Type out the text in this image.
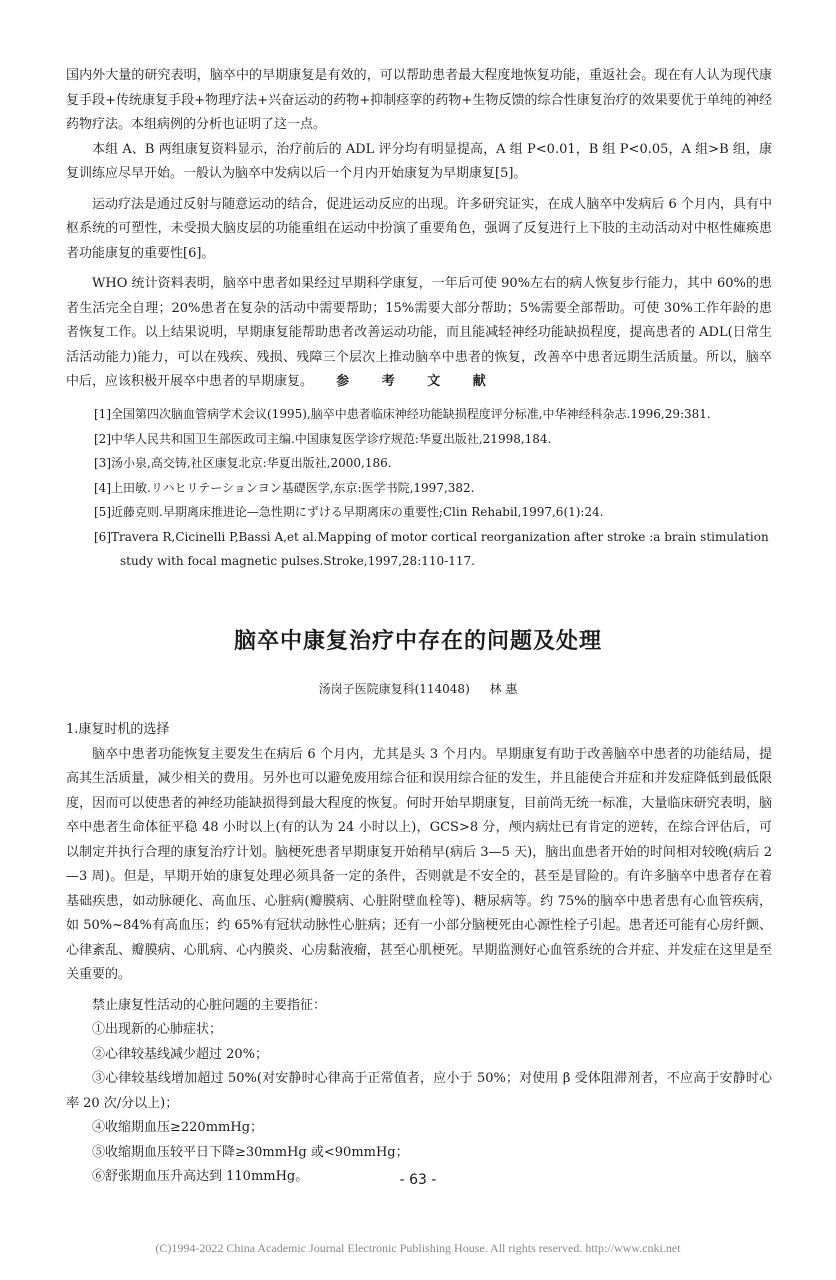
国内外大量的研究表明，脑卒中的早期康复是有效的，可以帮助患者最大程度地恢复功能，重返社会。现在有人认为现代康复手段+传统康复手段+物理疗法+兴奋运动的药物+抑制痉挛的药物+生物反馈的综合性康复治疗的效果要优于单纯的神经药物疗法。本组病例的分析也证明了这一点。

本组 A、B 两组康复资料显示，治疗前后的 ADL 评分均有明显提高，A 组 P<0.01，B 组 P<0.05，A 组>B 组，康复训练应尽早开始。一般认为脑卒中发病以后一个月内开始康复为早期康复[5]。

运动疗法是通过反射与随意运动的结合，促进运动反应的出现。许多研究证实，在成人脑卒中发病后 6 个月内，具有中枢系统的可塑性，未受损大脑皮层的功能重组在运动中扮演了重要角色，强调了反复进行上下肢的主动活动对中枢性瘫痪患者功能康复的重要性[6]。

WHO 统计资料表明，脑卒中患者如果经过早期科学康复，一年后可使 90%左右的病人恢复步行能力，其中 60%的患者生活完全自理；20%患者在复杂的活动中需要帮助；15%需要大部分帮助；5%需要全部帮助。可使 30%工作年龄的患者恢复工作。以上结果说明，早期康复能帮助患者改善运动功能，而且能减轻神经功能缺损程度，提高患者的 ADL(日常生活活动能力)能力，可以在残疾、残损、残障三个层次上推动脑卒中患者的恢复，改善卒中患者远期生活质量。所以，脑卒中后，应该积极开展卒中患者的早期康复。	参 考 文 献
[1]全国第四次脑血管病学术会议(1995),脑卒中患者临床神经功能缺损程度评分标准,中华神经科杂志.1996,29:381.
[2]中华人民共和国卫生部医政司主编.中国康复医学诊疗规范:华夏出版社,21998,184.
[3]汤小泉,高交铸,社区康复北京:华夏出版社,2000,186.
[4]上田敏.リハヒリテーションヨン基礎医学,东京:医学书院,1997,382.
[5]近藤克则.早期离床推进论—急性期にずける早期离床の重要性;Clin Rehabil,1997,6(1):24.
[6]Travera R,Cicinelli P,Bassi A,et al.Mapping of motor cortical reorganization after stroke :a brain stimulation study with focal magnetic pulses.Stroke,1997,28:110-117.
脑卒中康复治疗中存在的问题及处理
汤岗子医院康复科(114048) 林 惠

1.康复时机的选择

脑卒中患者功能恢复主要发生在病后 6 个月内，尤其是头 3 个月内。早期康复有助于改善脑卒中患者的功能结局，提高其生活质量，减少相关的费用。另外也可以避免废用综合征和误用综合征的发生，并且能使合并症和并发症降低到最低限度，因而可以使患者的神经功能缺损得到最大程度的恢复。何时开始早期康复，目前尚无统一标准，大量临床研究表明，脑卒中患者生命体征平稳 48 小时以上(有的认为 24 小时以上)，GCS>8 分，颅内病灶已有肯定的逆转，在综合评估后，可以制定并执行合理的康复治疗计划。脑梗死患者早期康复开始稍早(病后 3—5 天)，脑出血患者开始的时间相对较晚(病后 2—3 周)。但是，早期开始的康复处理必须具备一定的条件，否则就是不安全的，甚至是冒险的。有许多脑卒中患者存在着基础疾患，如动脉硬化、高血压、心脏病(瓣膜病、心脏附壁血栓等)、糖尿病等。约 75%的脑卒中患者患有心血管疾病，如 50%~84%有高血压；约 65%有冠状动脉性心脏病；还有一小部分脑梗死由心源性栓子引起。患者还可能有心房纤颤、心律紊乱、瓣膜病、心肌病、心内膜炎、心房黏液瘤，甚至心肌梗死。早期监测好心血管系统的合并症、并发症在这里是至关重要的。

禁止康复性活动的心脏问题的主要指征：

①出现新的心肺症状；

②心律较基线减少超过 20%；

③心律较基线增加超过 50%(对安静时心律高于正常值者，应小于 50%；对使用 β 受体阻滞剂者，不应高于安静时心率 20 次/分以上)；

④收缩期血压≥220mmHg；

⑤收缩期血压较平日下降≥30mmHg 或<90mmHg；

⑥舒张期血压升高达到 110mmHg。	- 63 -
(C)1994-2022 China Academic Journal Electronic Publishing House. All rights reserved. http://www.cnki.net
